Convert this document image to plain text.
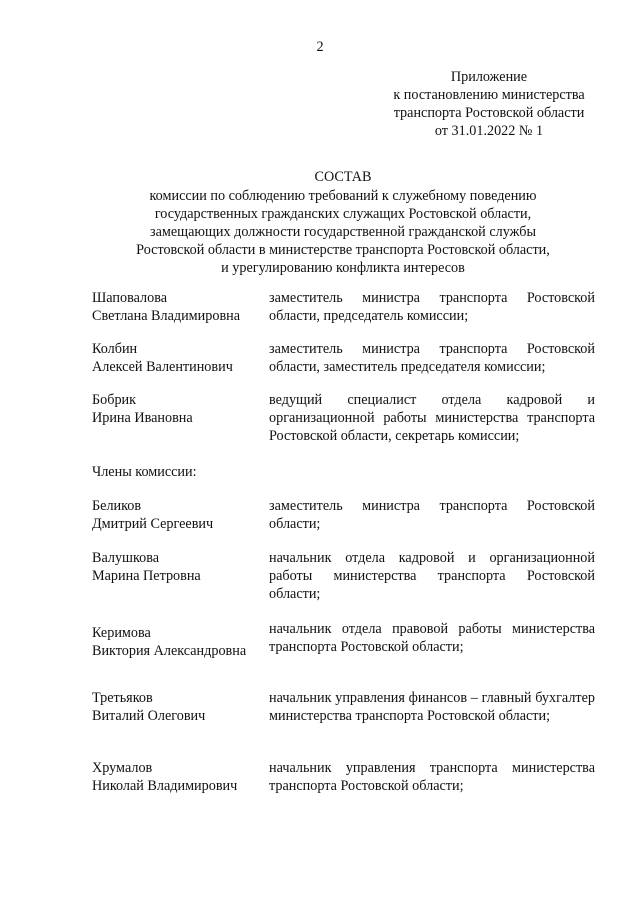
2
Приложение
к постановлению министерства
транспорта Ростовской области
от 31.01.2022 № 1
СОСТАВ
комиссии по соблюдению требований к служебному поведению
государственных гражданских служащих Ростовской области,
замещающих должности государственной гражданской службы
Ростовской области в министерстве транспорта Ростовской области,
и урегулированию конфликта интересов
Шаповалова
Светлана Владимировна
заместитель министра транспорта Ростовской области, председатель комиссии;
Колбин
Алексей Валентинович
заместитель министра транспорта Ростовской области, заместитель председателя комиссии;
Бобрик
Ирина Ивановна
ведущий специалист отдела кадровой и организационной работы министерства транспорта Ростовской области, секретарь комиссии;
Члены комиссии:
Беликов
Дмитрий Сергеевич
заместитель министра транспорта Ростовской области;
Валушкова
Марина Петровна
начальник отдела кадровой и организационной работы министерства транспорта Ростовской области;
Керимова
Виктория Александровна
начальник отдела правовой работы министерства транспорта Ростовской области;
Третьяков
Виталий Олегович
начальник управления финансов – главный бухгалтер министерства транспорта Ростовской области;
Хрумалов
Николай Владимирович
начальник управления транспорта министерства транспорта Ростовской области;
